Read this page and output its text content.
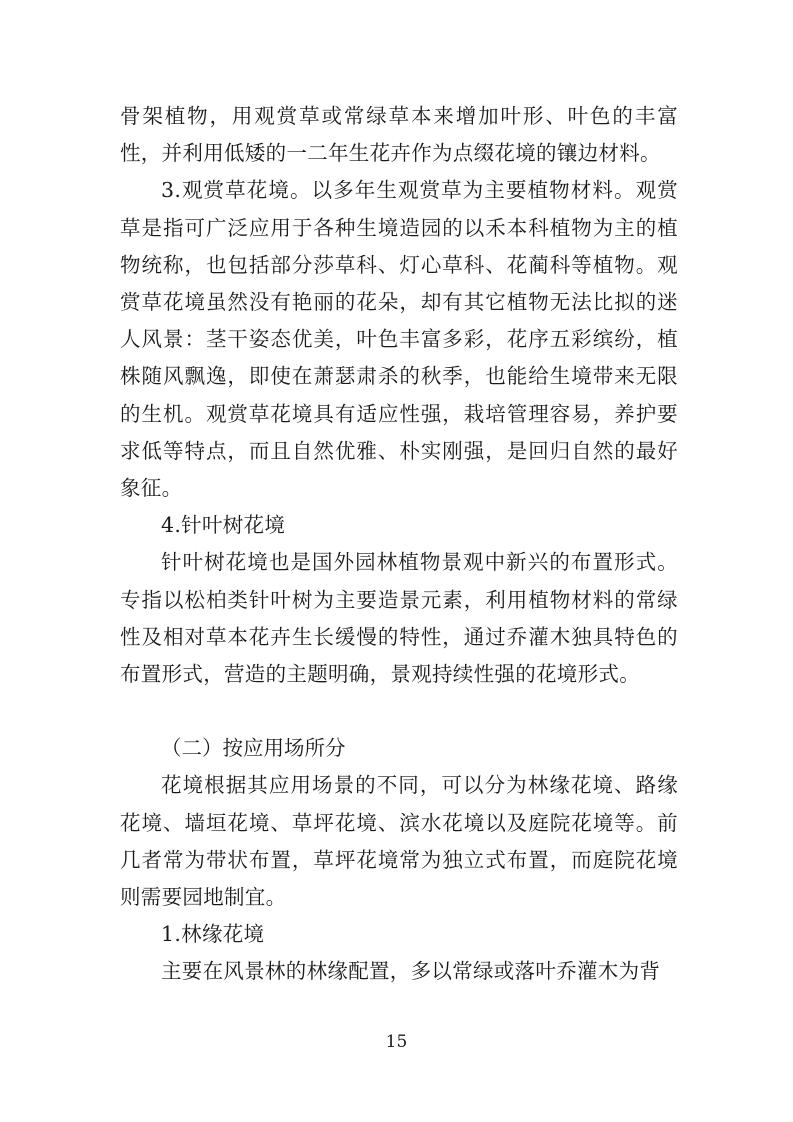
骨架植物，用观赏草或常绿草本来增加叶形、叶色的丰富性，并利用低矮的一二年生花卉作为点缀花境的镶边材料。

3.观赏草花境。以多年生观赏草为主要植物材料。观赏草是指可广泛应用于各种生境造园的以禾本科植物为主的植物统称，也包括部分莎草科、灯心草科、花蔺科等植物。观赏草花境虽然没有艳丽的花朵，却有其它植物无法比拟的迷人风景：茎干姿态优美，叶色丰富多彩，花序五彩缤纷，植株随风飘逸，即使在萧瑟肃杀的秋季，也能给生境带来无限的生机。观赏草花境具有适应性强，栽培管理容易，养护要求低等特点，而且自然优雅、朴实刚强，是回归自然的最好象征。

4.针叶树花境

针叶树花境也是国外园林植物景观中新兴的布置形式。专指以松柏类针叶树为主要造景元素，利用植物材料的常绿性及相对草本花卉生长缓慢的特性，通过乔灌木独具特色的布置形式，营造的主题明确，景观持续性强的花境形式。

（二）按应用场所分

花境根据其应用场景的不同，可以分为林缘花境、路缘花境、墙垣花境、草坪花境、滨水花境以及庭院花境等。前几者常为带状布置，草坪花境常为独立式布置，而庭院花境则需要园地制宜。

1.林缘花境

主要在风景林的林缘配置，多以常绿或落叶乔灌木为背

15
